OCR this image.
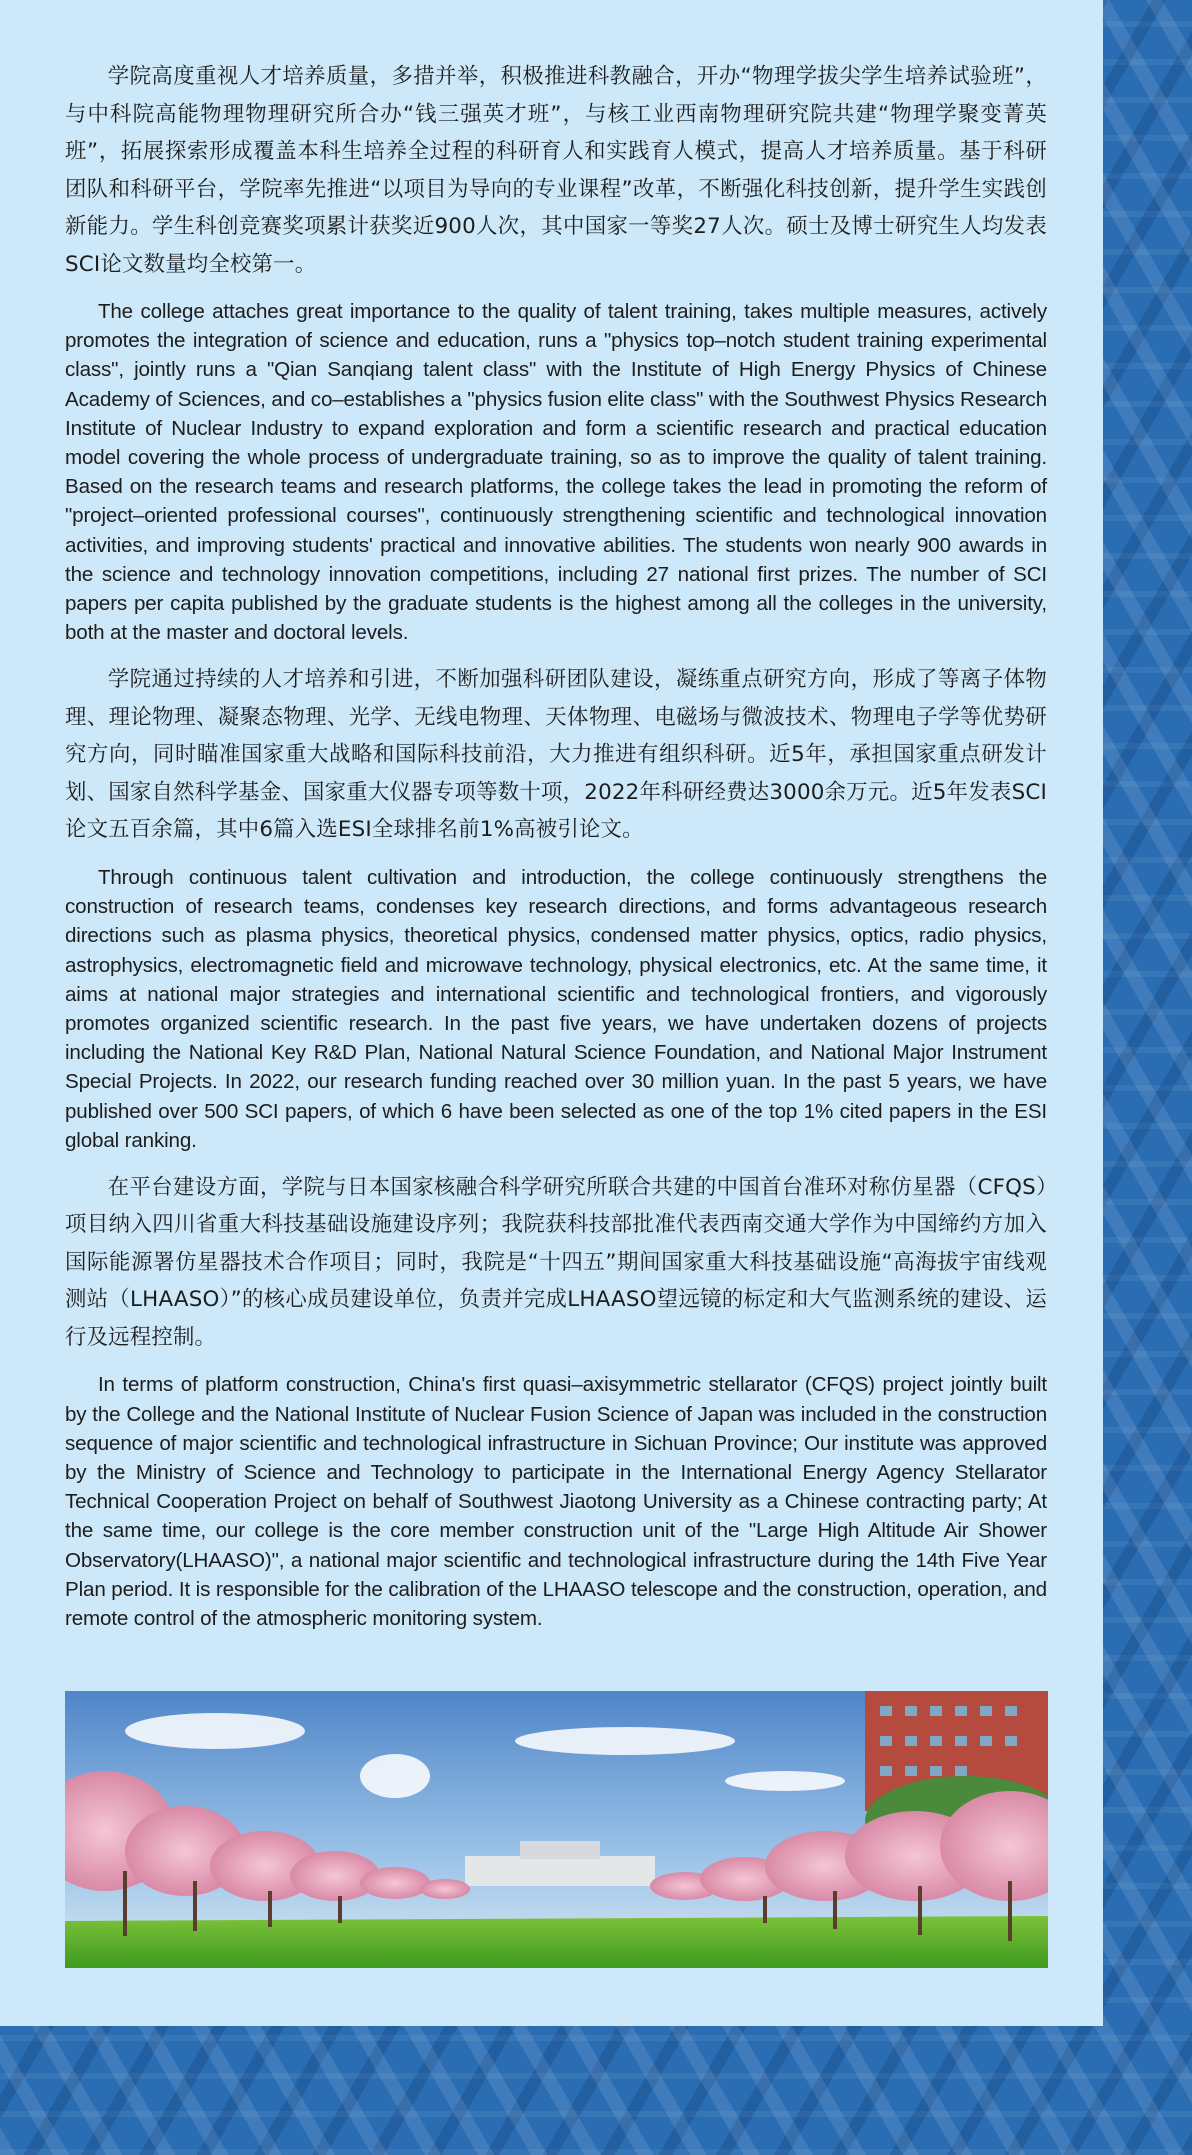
学院高度重视人才培养质量，多措并举，积极推进科教融合，开办“物理学拔尖学生培养试验班”，与中科院高能物理物理研究所合办“钱三强英才班”，与核工业西南物理研究院共建“物理学聚变菁英班”，拓展探索形成覆盖本科生培养全过程的科研育人和实践育人模式，提高人才培养质量。基于科研团队和科研平台，学院率先推进“以项目为导向的专业课程”改革，不断强化科技创新，提升学生实践创新能力。学生科创竞赛奖项累计获奖近900人次，其中国家一等奖27人次。硕士及博士研究生人均发表SCI论文数量均全校第一。

The college attaches great importance to the quality of talent training, takes multiple measures, actively promotes the integration of science and education, runs a "physics top–notch student training experimental class", jointly runs a "Qian Sanqiang talent class" with the Institute of High Energy Physics of Chinese Academy of Sciences, and co–establishes a "physics fusion elite class" with the Southwest Physics Research Institute of Nuclear Industry to expand exploration and form a scientific research and practical education model covering the whole process of undergraduate training, so as to improve the quality of talent training. Based on the research teams and research platforms, the college takes the lead in promoting the reform of "project–oriented professional courses", continuously strengthening scientific and technological innovation activities, and improving students' practical and innovative abilities. The students won nearly 900 awards in the science and technology innovation competitions, including 27 national first prizes. The number of SCI papers per capita published by the graduate students is the highest among all the colleges in the university, both at the master and doctoral levels.

学院通过持续的人才培养和引进，不断加强科研团队建设，凝练重点研究方向，形成了等离子体物理、理论物理、凝聚态物理、光学、无线电物理、天体物理、电磁场与微波技术、物理电子学等优势研究方向，同时瞄准国家重大战略和国际科技前沿，大力推进有组织科研。近5年，承担国家重点研发计划、国家自然科学基金、国家重大仪器专项等数十项，2022年科研经费达3000余万元。近5年发表SCI 论文五百余篇，其中6篇入选ESI全球排名前1%高被引论文。

Through continuous talent cultivation and introduction, the college continuously strengthens the construction of research teams, condenses key research directions, and forms advantageous research directions such as plasma physics, theoretical physics, condensed matter physics, optics, radio physics, astrophysics, electromagnetic field and microwave technology, physical electronics, etc. At the same time, it aims at national major strategies and international scientific and technological frontiers, and vigorously promotes organized scientific research. In the past five years, we have undertaken dozens of projects including the National Key R&D Plan, National Natural Science Foundation, and National Major Instrument Special Projects. In 2022, our research funding reached over 30 million yuan. In the past 5 years, we have published over 500 SCI papers, of which 6 have been selected as one of the top 1% cited papers in the ESI global ranking.

在平台建设方面，学院与日本国家核融合科学研究所联合共建的中国首台准环对称仿星器（CFQS）项目纳入四川省重大科技基础设施建设序列；我院获科技部批准代表西南交通大学作为中国缔约方加入国际能源署仿星器技术合作项目；同时，我院是“十四五”期间国家重大科技基础设施“高海拔宇宙线观测站（LHAASO）”的核心成员建设单位，负责并完成LHAASO望远镜的标定和大气监测系统的建设、运行及远程控制。

In terms of platform construction, China's first quasi–axisymmetric stellarator (CFQS) project jointly built by the College and the National Institute of Nuclear Fusion Science of Japan was included in the construction sequence of major scientific and technological infrastructure in Sichuan Province; Our institute was approved by the Ministry of Science and Technology to participate in the International Energy Agency Stellarator Technical Cooperation Project on behalf of Southwest Jiaotong University as a Chinese contracting party; At the same time, our college is the core member construction unit of the "Large High Altitude Air Shower Observatory(LHAASO)", a national major scientific and technological infrastructure during the 14th Five Year Plan period. It is responsible for the calibration of the LHAASO telescope and the construction, operation, and remote control of the atmospheric monitoring system.
